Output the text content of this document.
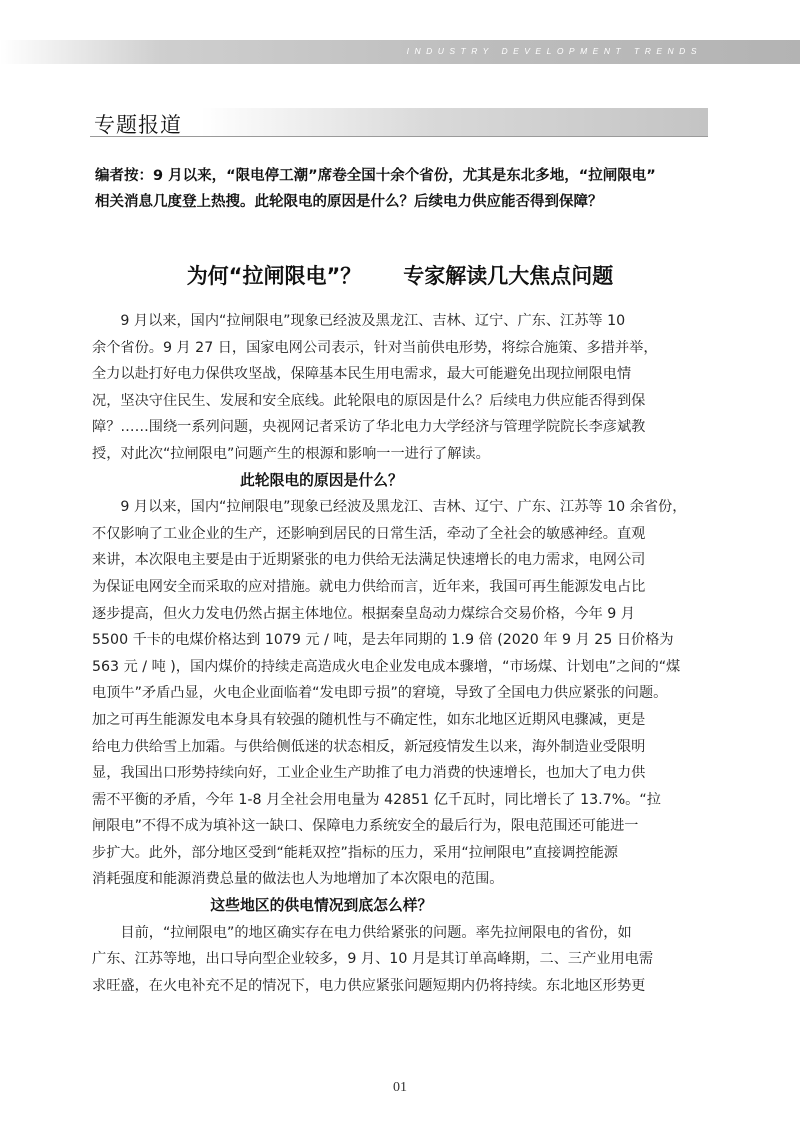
INDUSTRY DEVELOPMENT TRENDS
专题报道

编者按：9 月以来，“限电停工潮”席卷全国十余个省份，尤其是东北多地，“拉闸限电”

相关消息几度登上热搜。此轮限电的原因是什么？后续电力供应能否得到保障？

为何“拉闸限电”？　　专家解读几大焦点问题
　　9 月以来，国内“拉闸限电”现象已经波及黑龙江、吉林、辽宁、广东、江苏等 10
余个省份。9 月 27 日，国家电网公司表示，针对当前供电形势，将综合施策、多措并举，
全力以赴打好电力保供攻坚战，保障基本民生用电需求，最大可能避免出现拉闸限电情
况，坚决守住民生、发展和安全底线。此轮限电的原因是什么？后续电力供应能否得到保
障？……围绕一系列问题，央视网记者采访了华北电力大学经济与管理学院院长李彦斌教
授，对此次“拉闸限电”问题产生的根源和影响一一进行了解读。
　　　　　　　　　　此轮限电的原因是什么？
　　9 月以来，国内“拉闸限电”现象已经波及黑龙江、吉林、辽宁、广东、江苏等 10 余省份，
不仅影响了工业企业的生产，还影响到居民的日常生活，牵动了全社会的敏感神经。直观
来讲，本次限电主要是由于近期紧张的电力供给无法满足快速增长的电力需求，电网公司
为保证电网安全而采取的应对措施。就电力供给而言，近年来，我国可再生能源发电占比
逐步提高，但火力发电仍然占据主体地位。根据秦皇岛动力煤综合交易价格，今年 9 月
5500 千卡的电煤价格达到 1079 元 / 吨，是去年同期的 1.9 倍 (2020 年 9 月 25 日价格为
563 元 / 吨 )，国内煤价的持续走高造成火电企业发电成本骤增，“市场煤、计划电”之间的“煤
电顶牛”矛盾凸显，火电企业面临着“发电即亏损”的窘境，导致了全国电力供应紧张的问题。
加之可再生能源发电本身具有较强的随机性与不确定性，如东北地区近期风电骤减，更是
给电力供给雪上加霜。与供给侧低迷的状态相反，新冠疫情发生以来，海外制造业受限明
显，我国出口形势持续向好，工业企业生产助推了电力消费的快速增长，也加大了电力供
需不平衡的矛盾，今年 1-8 月全社会用电量为 42851 亿千瓦时，同比增长了 13.7%。“拉
闸限电”不得不成为填补这一缺口、保障电力系统安全的最后行为，限电范围还可能进一
步扩大。此外，部分地区受到“能耗双控”指标的压力，采用“拉闸限电”直接调控能源
消耗强度和能源消费总量的做法也人为地增加了本次限电的范围。
　　　　　　　　这些地区的供电情况到底怎么样？
　　目前，“拉闸限电”的地区确实存在电力供给紧张的问题。率先拉闸限电的省份，如
广东、江苏等地，出口导向型企业较多，9 月、10 月是其订单高峰期，二、三产业用电需
求旺盛，在火电补充不足的情况下，电力供应紧张问题短期内仍将持续。东北地区形势更
01
